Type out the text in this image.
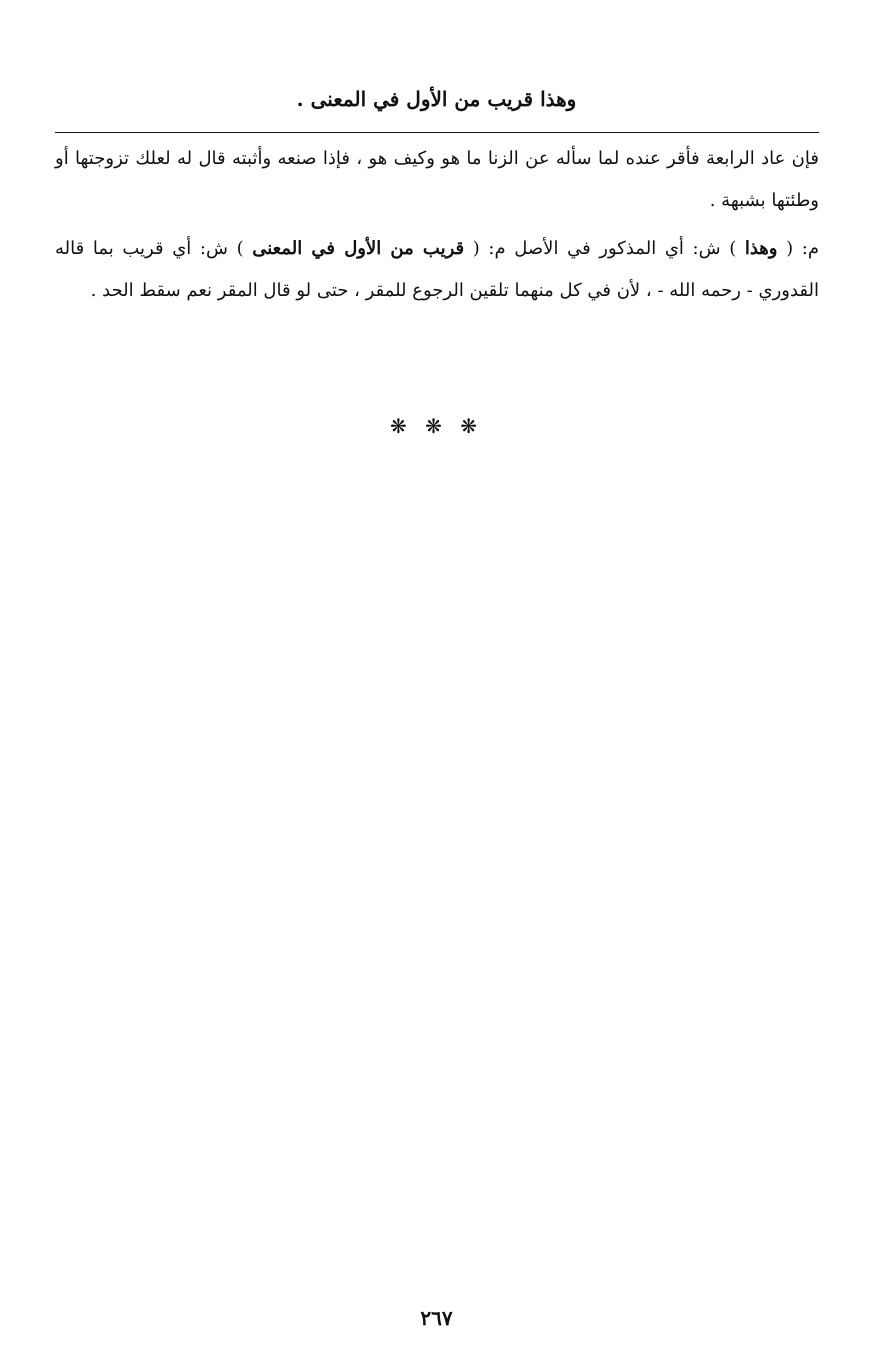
وهذا قريب من الأول في المعنى .
فإن عاد الرابعة فأقر عنده لما سأله عن الزنا ما هو وكيف هو ، فإذا صنعه وأثبته قال له لعلك تزوجتها أو وطئتها بشبهة .
م: ( وهذا ) ش: أي المذكور في الأصل م: ( قريب من الأول في المعنى ) ش: أي قريب بما قاله القدوري - رحمه الله - ، لأن في كل منهما تلقين الرجوع للمقر ، حتى لو قال المقر نعم سقط الحد .
❋ ❋ ❋
٢٦٧
